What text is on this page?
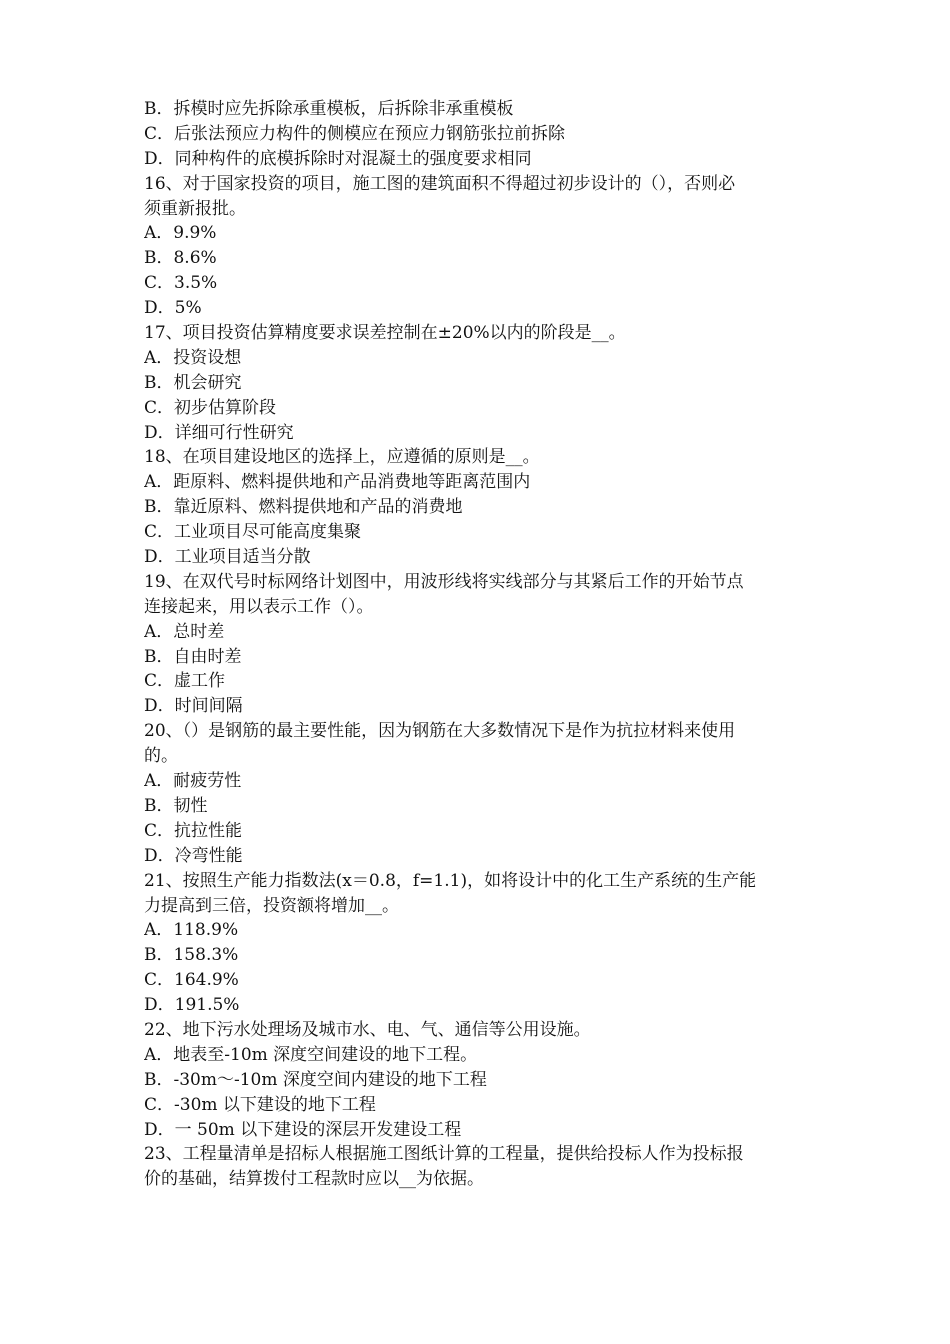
B．拆模时应先拆除承重模板，后拆除非承重模板
C．后张法预应力构件的侧模应在预应力钢筋张拉前拆除
D．同种构件的底模拆除时对混凝土的强度要求相同
16、对于国家投资的项目，施工图的建筑面积不得超过初步设计的（），否则必
须重新报批。
A．9.9%
B．8.6%
C．3.5%
D．5%
17、项目投资估算精度要求误差控制在±20%以内的阶段是__。
A．投资设想
B．机会研究
C．初步估算阶段
D．详细可行性研究
18、在项目建设地区的选择上，应遵循的原则是__。
A．距原料、燃料提供地和产品消费地等距离范围内
B．靠近原料、燃料提供地和产品的消费地
C．工业项目尽可能高度集聚
D．工业项目适当分散
19、在双代号时标网络计划图中，用波形线将实线部分与其紧后工作的开始节点
连接起来，用以表示工作（）。
A．总时差
B．自由时差
C．虚工作
D．时间间隔
20、（）是钢筋的最主要性能，因为钢筋在大多数情况下是作为抗拉材料来使用
的。
A．耐疲劳性
B．韧性
C．抗拉性能
D．冷弯性能
21、按照生产能力指数法(x＝0.8，f=1.1)，如将设计中的化工生产系统的生产能
力提高到三倍，投资额将增加__。
A．118.9%
B．158.3%
C．164.9%
D．191.5%
22、地下污水处理场及城市水、电、气、通信等公用设施。
A．地表至-10m 深度空间建设的地下工程。
B．-30m～-10m 深度空间内建设的地下工程
C．-30m 以下建设的地下工程
D．一 50m 以下建设的深层开发建设工程
23、工程量清单是招标人根据施工图纸计算的工程量，提供给投标人作为投标报
价的基础，结算拨付工程款时应以__为依据。
